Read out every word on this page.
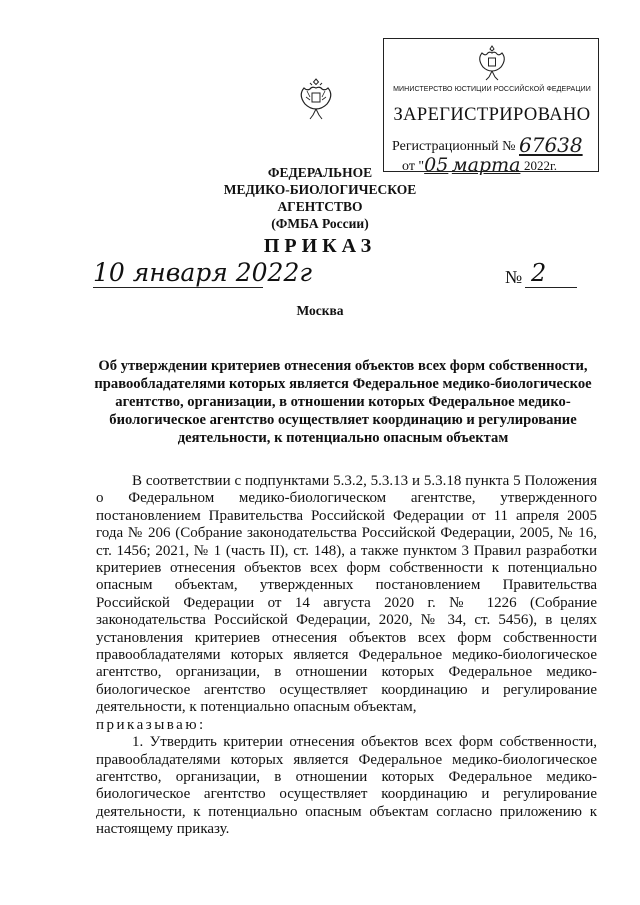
МИНИСТЕРСТВО ЮСТИЦИИ РОССИЙСКОЙ ФЕДЕРАЦИИ
ЗАРЕГИСТРИРОВАНО
Регистрационный № 67638
от "05 марта 2022г.
ФЕДЕРАЛЬНОЕ
МЕДИКО-БИОЛОГИЧЕСКОЕ АГЕНТСТВО
(ФМБА России)
ПРИКАЗ
10 января 2022г	№ 2
Москва
Об утверждении критериев отнесения объектов всех форм собственности, правообладателями которых является Федеральное медико-биологическое агентство, организации, в отношении которых Федеральное медико-биологическое агентство осуществляет координацию и регулирование деятельности, к потенциально опасным объектам

В соответствии с подпунктами 5.3.2, 5.3.13 и 5.3.18 пункта 5 Положения о Федеральном медико-биологическом агентстве, утвержденного постановлением Правительства Российской Федерации от 11 апреля 2005 года № 206 (Собрание законодательства Российской Федерации, 2005, № 16, ст. 1456; 2021, № 1 (часть II), ст. 148), а также пунктом 3 Правил разработки критериев отнесения объектов всех форм собственности к потенциально опасным объектам, утвержденных постановлением Правительства Российской Федерации от 14 августа 2020 г. № 1226 (Собрание законодательства Российской Федерации, 2020, № 34, ст. 5456), в целях установления критериев отнесения объектов всех форм собственности правообладателями которых является Федеральное медико-биологическое агентство, организации, в отношении которых Федеральное медико-биологическое агентство осуществляет координацию и регулирование деятельности, к потенциально опасным объектам,

приказываю:

1. Утвердить критерии отнесения объектов всех форм собственности, правообладателями которых является Федеральное медико-биологическое агентство, организации, в отношении которых Федеральное медико-биологическое агентство осуществляет координацию и регулирование деятельности, к потенциально опасным объектам согласно приложению к настоящему приказу.
